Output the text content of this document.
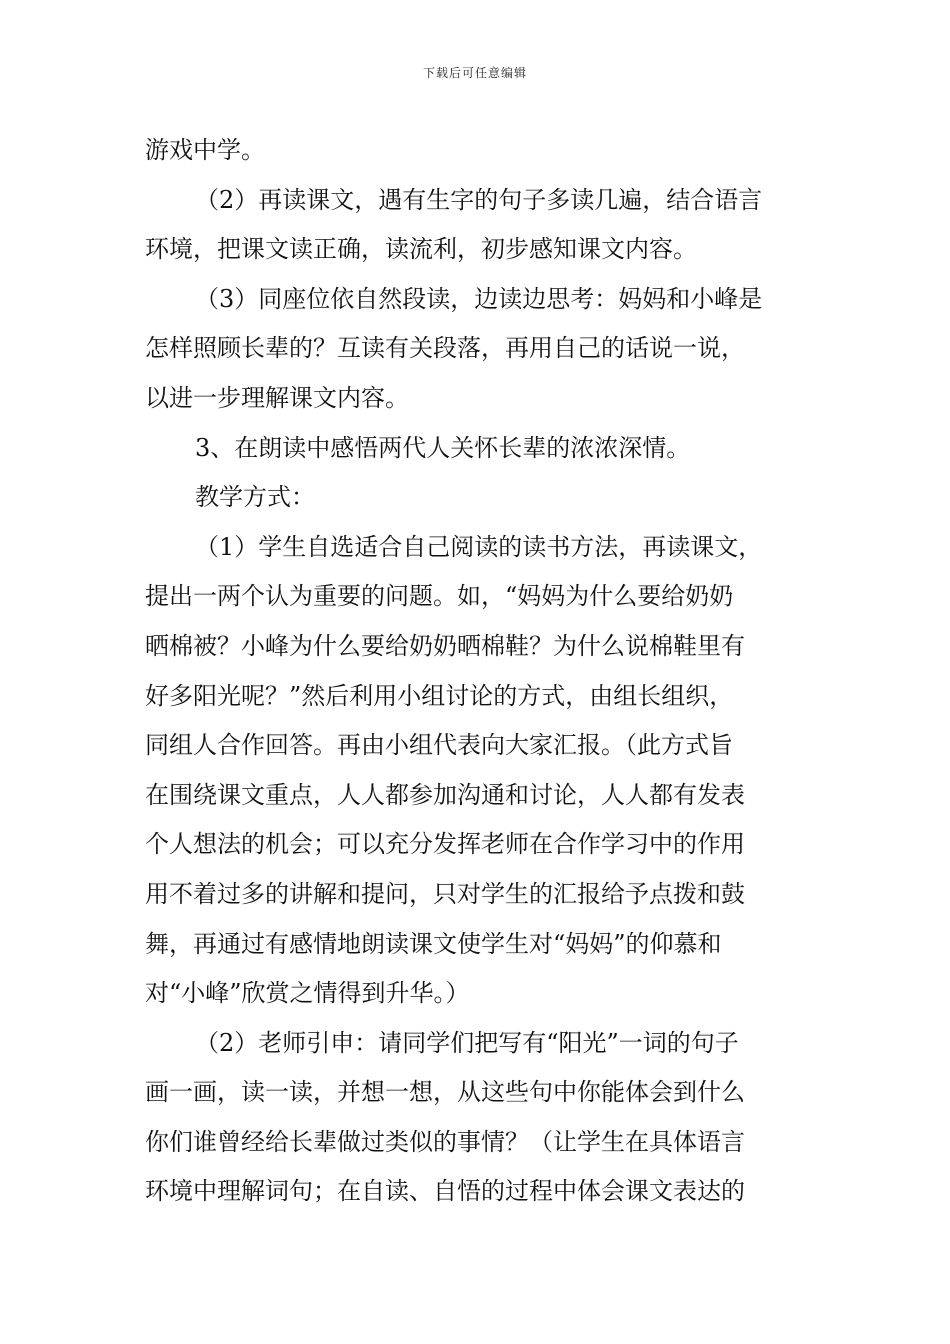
下载后可任意编辑
游戏中学。
（2）再读课文，遇有生字的句子多读几遍，结合语言
环境，把课文读正确，读流利，初步感知课文内容。
（3）同座位依自然段读，边读边思考：妈妈和小峰是
怎样照顾长辈的？互读有关段落，再用自己的话说一说，
以进一步理解课文内容。
3、在朗读中感悟两代人关怀长辈的浓浓深情。
教学方式：
（1）学生自选适合自己阅读的读书方法，再读课文，
提出一两个认为重要的问题。如，“妈妈为什么要给奶奶
晒棉被？小峰为什么要给奶奶晒棉鞋？为什么说棉鞋里有
好多阳光呢？”然后利用小组讨论的方式，由组长组织，
同组人合作回答。再由小组代表向大家汇报。（此方式旨
在围绕课文重点，人人都参加沟通和讨论，人人都有发表
个人想法的机会；可以充分发挥老师在合作学习中的作用
用不着过多的讲解和提问，只对学生的汇报给予点拨和鼓
舞，再通过有感情地朗读课文使学生对“妈妈”的仰慕和
对“小峰”欣赏之情得到升华。）
（2）老师引申：请同学们把写有“阳光”一词的句子
画一画，读一读，并想一想，从这些句中你能体会到什么
你们谁曾经给长辈做过类似的事情？（让学生在具体语言
环境中理解词句；在自读、自悟的过程中体会课文表达的
